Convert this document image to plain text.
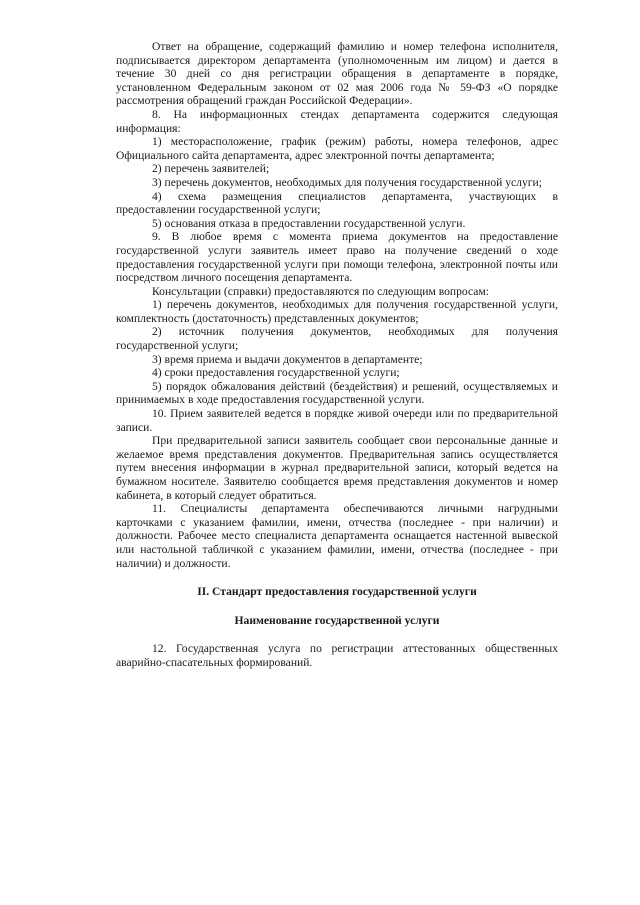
Ответ на обращение, содержащий фамилию и номер телефона исполнителя, подписывается директором департамента (уполномоченным им лицом) и дается в течение 30 дней со дня регистрации обращения в департаменте в порядке, установленном Федеральным законом от 02 мая 2006 года № 59-ФЗ «О порядке рассмотрения обращений граждан Российской Федерации».

8. На информационных стендах департамента содержится следующая информация:

1) месторасположение, график (режим) работы, номера телефонов, адрес Официального сайта департамента, адрес электронной почты департамента;

2) перечень заявителей;

3) перечень документов, необходимых для получения государственной услуги;

4) схема размещения специалистов департамента, участвующих в предоставлении государственной услуги;

5) основания отказа в предоставлении государственной услуги.

9. В любое время с момента приема документов на предоставление государственной услуги заявитель имеет право на получение сведений о ходе предоставления государственной услуги при помощи телефона, электронной почты или посредством личного посещения департамента.

Консультации (справки) предоставляются по следующим вопросам:

1) перечень документов, необходимых для получения государственной услуги, комплектность (достаточность) представленных документов;

2) источник получения документов, необходимых для получения государственной услуги;

3) время приема и выдачи документов в департаменте;

4) сроки предоставления государственной услуги;

5) порядок обжалования действий (бездействия) и решений, осуществляемых и принимаемых в ходе предоставления государственной услуги.

10. Прием заявителей ведется в порядке живой очереди или по предварительной записи.

При предварительной записи заявитель сообщает свои персональные данные и желаемое время представления документов. Предварительная запись осуществляется путем внесения информации в журнал предварительной записи, который ведется на бумажном носителе. Заявителю сообщается время представления документов и номер кабинета, в который следует обратиться.

11. Специалисты департамента обеспечиваются личными нагрудными карточками с указанием фамилии, имени, отчества (последнее - при наличии) и должности. Рабочее место специалиста департамента оснащается настенной вывеской или настольной табличкой с указанием фамилии, имени, отчества (последнее - при наличии) и должности.

II. Стандарт предоставления государственной услуги

Наименование государственной услуги

12. Государственная услуга по регистрации аттестованных общественных аварийно-спасательных формирований.
